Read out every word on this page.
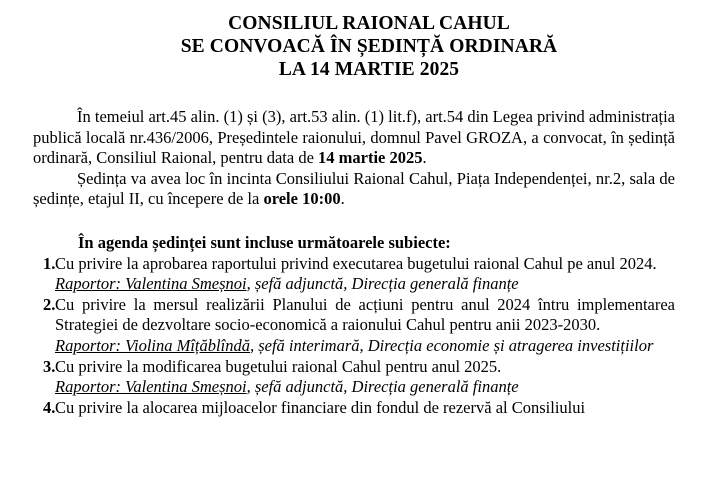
CONSILIUL RAIONAL CAHUL
SE CONVOACĂ ÎN ȘEDINȚĂ ORDINARĂ
LA 14 MARTIE 2025

În temeiul art.45 alin. (1) și (3), art.53 alin. (1) lit.f), art.54 din Legea privind administrația publică locală nr.436/2006, Președintele raionului, domnul Pavel GROZA, a convocat, în ședință ordinară, Consiliul Raional, pentru data de 14 martie 2025.

Ședința va avea loc în incinta Consiliului Raional Cahul, Piața Independenței, nr.2, sala de ședințe, etajul II, cu începere de la orele 10:00.

În agenda ședinței sunt incluse următoarele subiecte:

1. Cu privire la aprobarea raportului privind executarea bugetului raional Cahul pe anul 2024.
Raportor: Valentina Smeșnoi, șefă adjunctă, Direcția generală finanțe
2. Cu privire la mersul realizării Planului de acțiuni pentru anul 2024 întru implementarea Strategiei de dezvoltare socio-economică a raionului Cahul pentru anii 2023-2030.
Raportor: Violina Mîțăblîndă, șefă interimară, Direcția economie și atragerea investițiilor
3. Cu privire la modificarea bugetului raional Cahul pentru anul 2025.
Raportor: Valentina Smeșnoi, șefă adjunctă, Direcția generală finanțe
4. Cu privire la alocarea mijloacelor financiare din fondul de rezervă al Consiliului
